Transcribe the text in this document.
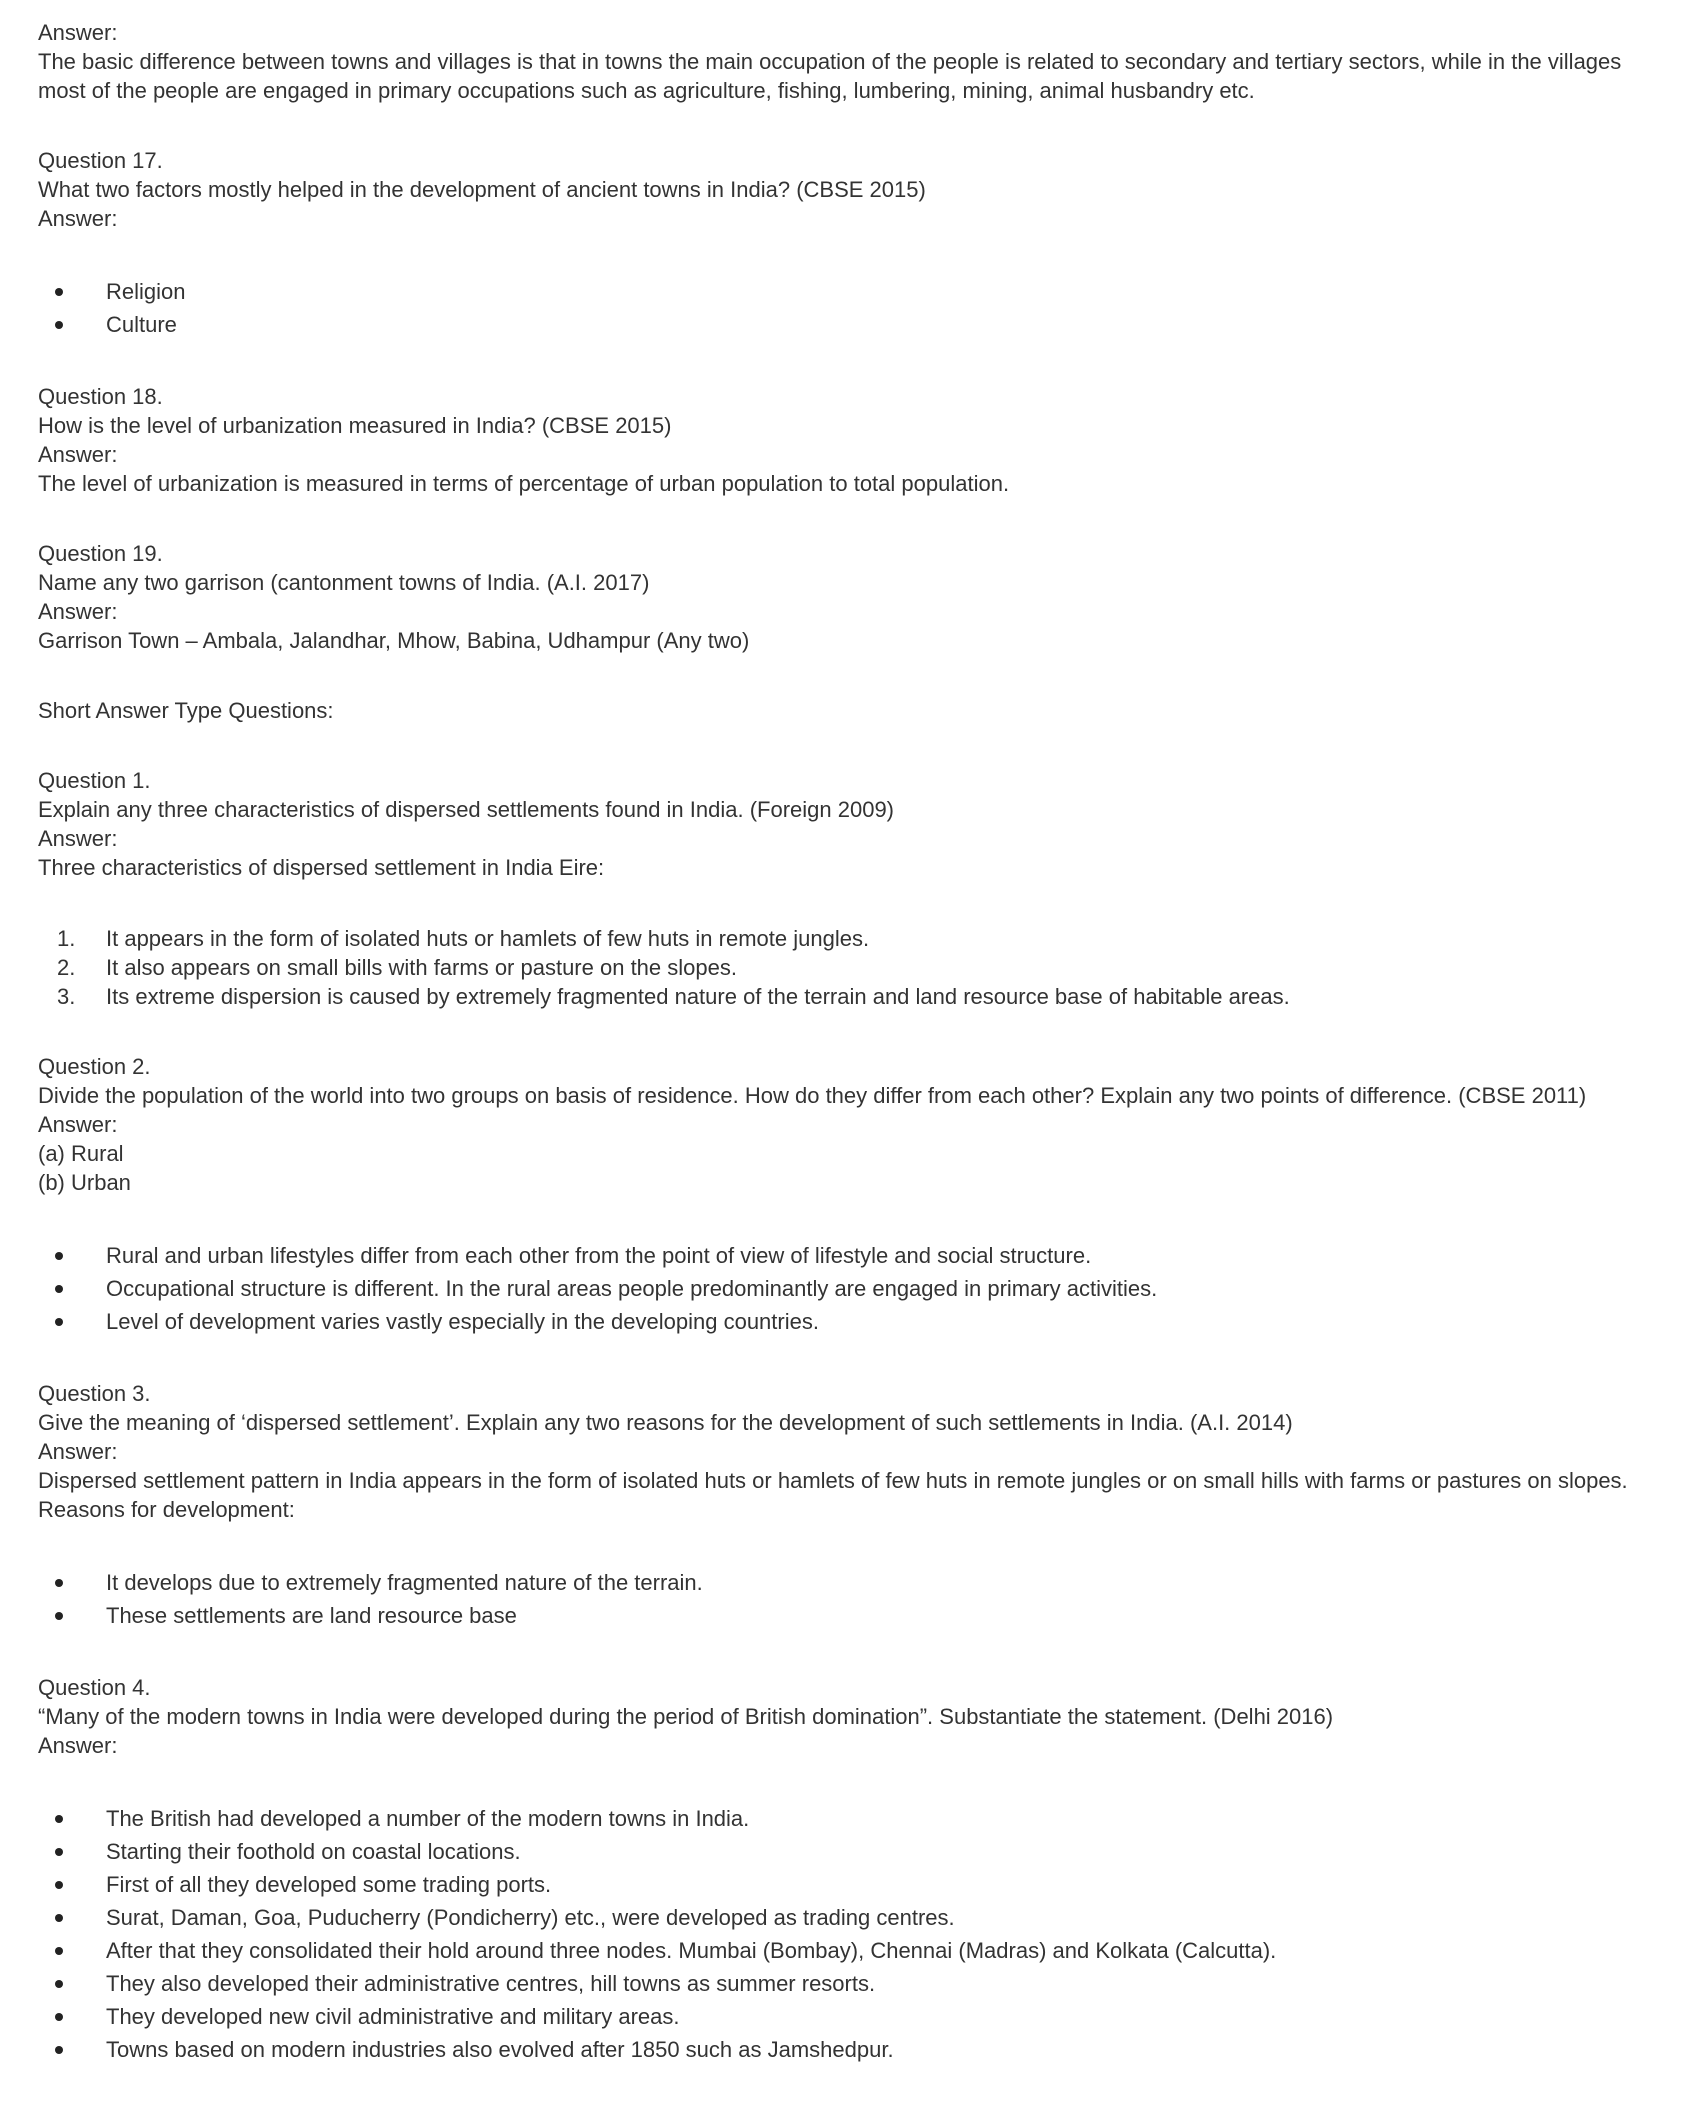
Answer:
The basic difference between towns and villages is that in towns the main occupation of the people is related to secondary and tertiary sectors, while in the villages most of the people are engaged in primary occupations such as agriculture, fishing, lumbering, mining, animal husbandry etc.
Question 17.
What two factors mostly helped in the development of ancient towns in India? (CBSE 2015)
Answer:
Religion
Culture
Question 18.
How is the level of urbanization measured in India? (CBSE 2015)
Answer:
The level of urbanization is measured in terms of percentage of urban population to total population.
Question 19.
Name any two garrison (cantonment towns of India. (A.I. 2017)
Answer:
Garrison Town – Ambala, Jalandhar, Mhow, Babina, Udhampur (Any two)
Short Answer Type Questions:
Question 1.
Explain any three characteristics of dispersed settlements found in India. (Foreign 2009)
Answer:
Three characteristics of dispersed settlement in India Eire:
1.	It appears in the form of isolated huts or hamlets of few huts in remote jungles.
2.	It also appears on small bills with farms or pasture on the slopes.
3.	Its extreme dispersion is caused by extremely fragmented nature of the terrain and land resource base of habitable areas.
Question 2.
Divide the population of the world into two groups on basis of residence. How do they differ from each other? Explain any two points of difference. (CBSE 2011)
Answer:
(a) Rural
(b) Urban
Rural and urban lifestyles differ from each other from the point of view of lifestyle and social structure.
Occupational structure is different. In the rural areas people predominantly are engaged in primary activities.
Level of development varies vastly especially in the developing countries.
Question 3.
Give the meaning of ‘dispersed settlement’. Explain any two reasons for the development of such settlements in India. (A.I. 2014)
Answer:
Dispersed settlement pattern in India appears in the form of isolated huts or hamlets of few huts in remote jungles or on small hills with farms or pastures on slopes.
Reasons for development:
It develops due to extremely fragmented nature of the terrain.
These settlements are land resource base
Question 4.
“Many of the modern towns in India were developed during the period of British domination”. Substantiate the statement. (Delhi 2016)
Answer:
The British had developed a number of the modern towns in India.
Starting their foothold on coastal locations.
First of all they developed some trading ports.
Surat, Daman, Goa, Puducherry (Pondicherry) etc., were developed as trading centres.
After that they consolidated their hold around three nodes. Mumbai (Bombay), Chennai (Madras) and Kolkata (Calcutta).
They also developed their administrative centres, hill towns as summer resorts.
They developed new civil administrative and military areas.
Towns based on modern industries also evolved after 1850 such as Jamshedpur.
